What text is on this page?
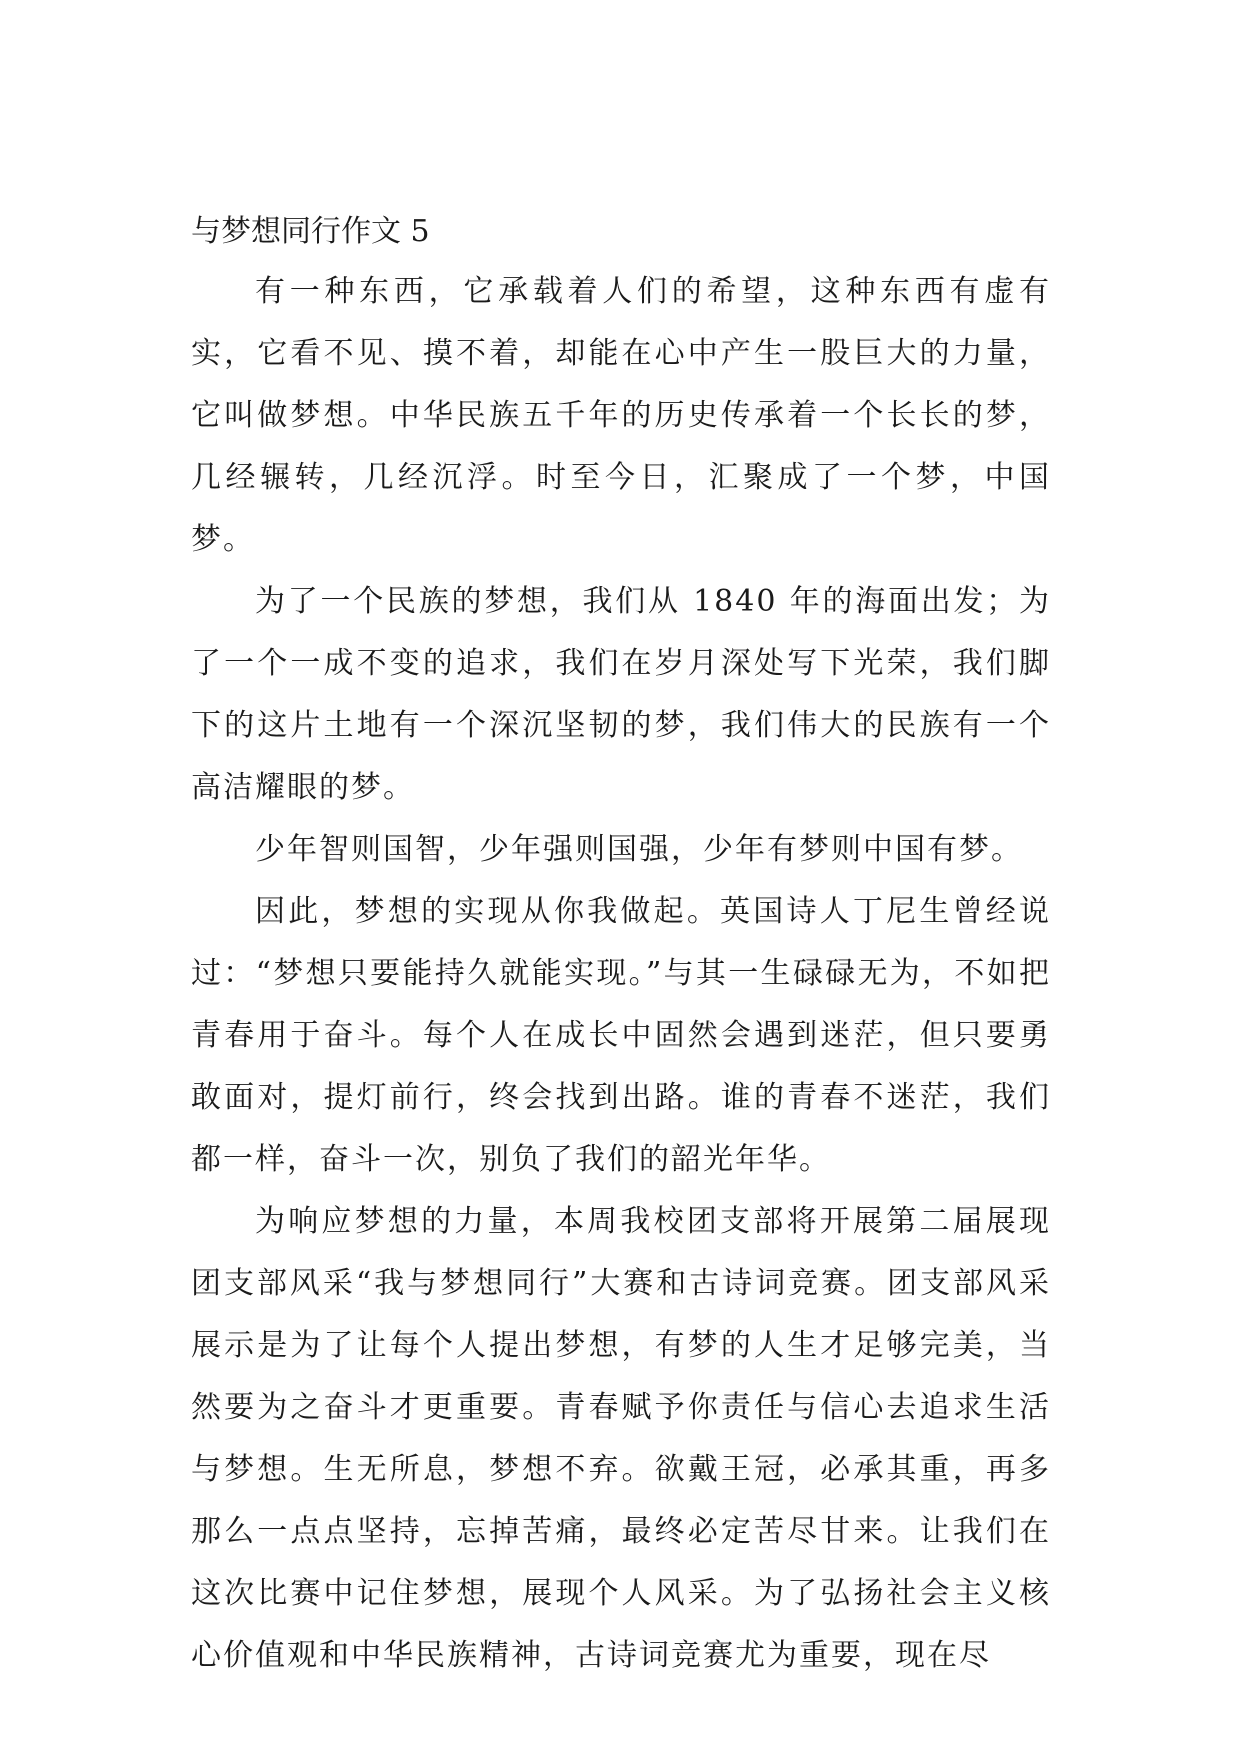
与梦想同行作文 5

有一种东西，它承载着人们的希望，这种东西有虚有实，它看不见、摸不着，却能在心中产生一股巨大的力量，它叫做梦想。中华民族五千年的历史传承着一个长长的梦，几经辗转，几经沉浮。时至今日，汇聚成了一个梦，中国梦。

为了一个民族的梦想，我们从 1840 年的海面出发；为了一个一成不变的追求，我们在岁月深处写下光荣，我们脚下的这片土地有一个深沉坚韧的梦，我们伟大的民族有一个高洁耀眼的梦。

少年智则国智，少年强则国强，少年有梦则中国有梦。

因此，梦想的实现从你我做起。英国诗人丁尼生曾经说过：“梦想只要能持久就能实现。”与其一生碌碌无为，不如把青春用于奋斗。每个人在成长中固然会遇到迷茫，但只要勇敢面对，提灯前行，终会找到出路。谁的青春不迷茫，我们都一样，奋斗一次，别负了我们的韶光年华。

为响应梦想的力量，本周我校团支部将开展第二届展现团支部风采“我与梦想同行”大赛和古诗词竞赛。团支部风采展示是为了让每个人提出梦想，有梦的人生才足够完美，当然要为之奋斗才更重要。青春赋予你责任与信心去追求生活与梦想。生无所息，梦想不弃。欲戴王冠，必承其重，再多那么一点点坚持，忘掉苦痛，最终必定苦尽甘来。让我们在这次比赛中记住梦想，展现个人风采。为了弘扬社会主义核心价值观和中华民族精神，古诗词竞赛尤为重要，现在尽
